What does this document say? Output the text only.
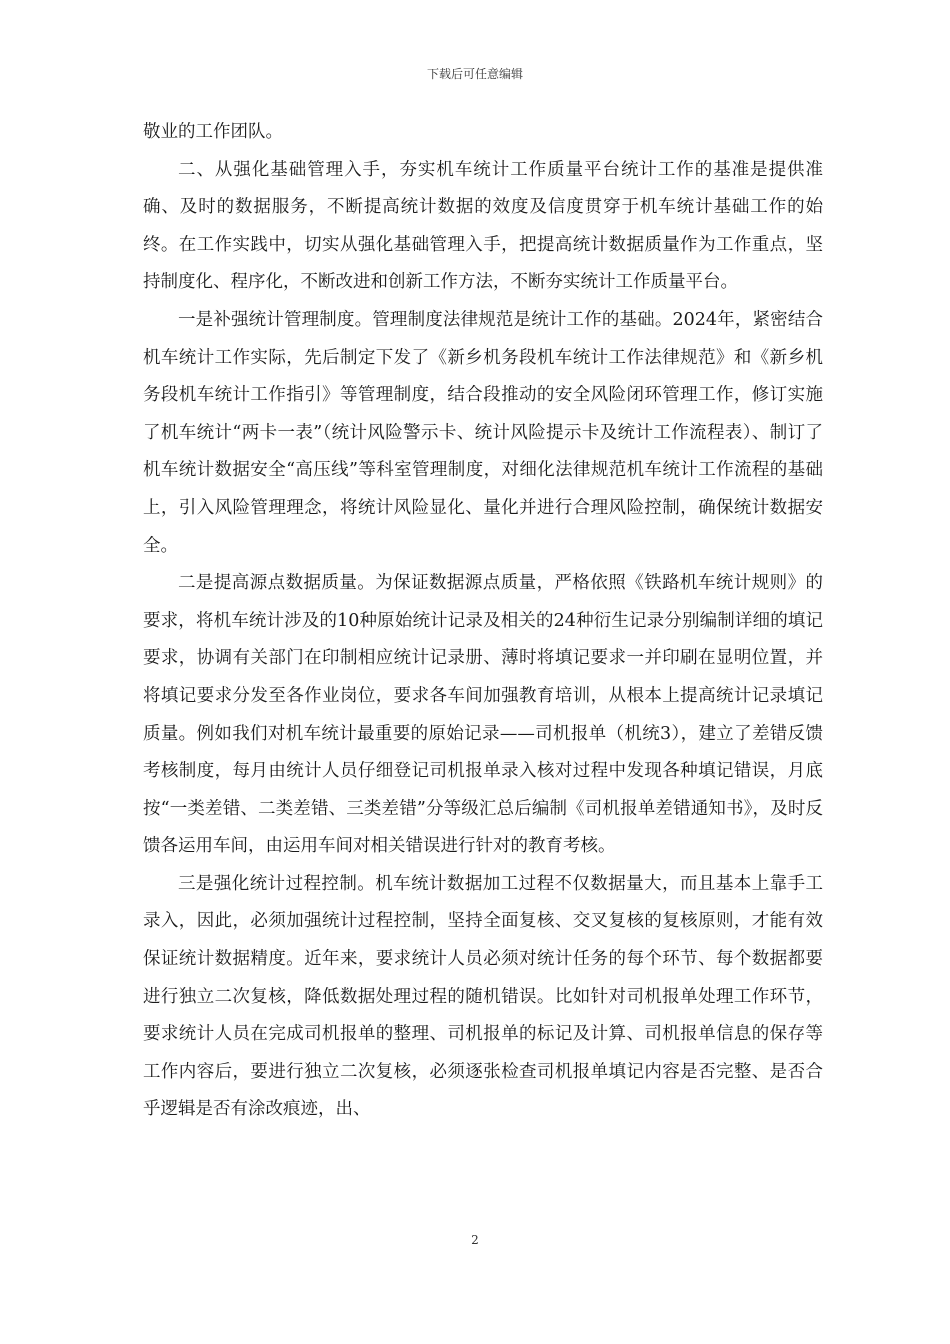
下载后可任意编辑

敬业的工作团队。

二、从强化基础管理入手，夯实机车统计工作质量平台统计工作的基准是提供准确、及时的数据服务，不断提高统计数据的效度及信度贯穿于机车统计基础工作的始终。在工作实践中，切实从强化基础管理入手，把提高统计数据质量作为工作重点，坚持制度化、程序化，不断改进和创新工作方法，不断夯实统计工作质量平台。

一是补强统计管理制度。管理制度法律规范是统计工作的基础。2024年，紧密结合机车统计工作实际，先后制定下发了《新乡机务段机车统计工作法律规范》和《新乡机务段机车统计工作指引》等管理制度，结合段推动的安全风险闭环管理工作，修订实施了机车统计“两卡一表”（统计风险警示卡、统计风险提示卡及统计工作流程表）、制订了机车统计数据安全“高压线”等科室管理制度，对细化法律规范机车统计工作流程的基础上，引入风险管理理念，将统计风险显化、量化并进行合理风险控制，确保统计数据安全。

二是提高源点数据质量。为保证数据源点质量，严格依照《铁路机车统计规则》的要求，将机车统计涉及的10种原始统计记录及相关的24种衍生记录分别编制详细的填记要求，协调有关部门在印制相应统计记录册、薄时将填记要求一并印刷在显明位置，并将填记要求分发至各作业岗位，要求各车间加强教育培训，从根本上提高统计记录填记质量。例如我们对机车统计最重要的原始记录——司机报单（机统3），建立了差错反馈考核制度，每月由统计人员仔细登记司机报单录入核对过程中发现各种填记错误，月底按“一类差错、二类差错、三类差错”分等级汇总后编制《司机报单差错通知书》，及时反馈各运用车间，由运用车间对相关错误进行针对的教育考核。

三是强化统计过程控制。机车统计数据加工过程不仅数据量大，而且基本上靠手工录入，因此，必须加强统计过程控制，坚持全面复核、交叉复核的复核原则，才能有效保证统计数据精度。近年来，要求统计人员必须对统计任务的每个环节、每个数据都要进行独立二次复核，降低数据处理过程的随机错误。比如针对司机报单处理工作环节，要求统计人员在完成司机报单的整理、司机报单的标记及计算、司机报单信息的保存等工作内容后，要进行独立二次复核，必须逐张检查司机报单填记内容是否完整、是否合乎逻辑是否有涂改痕迹，出、

2
